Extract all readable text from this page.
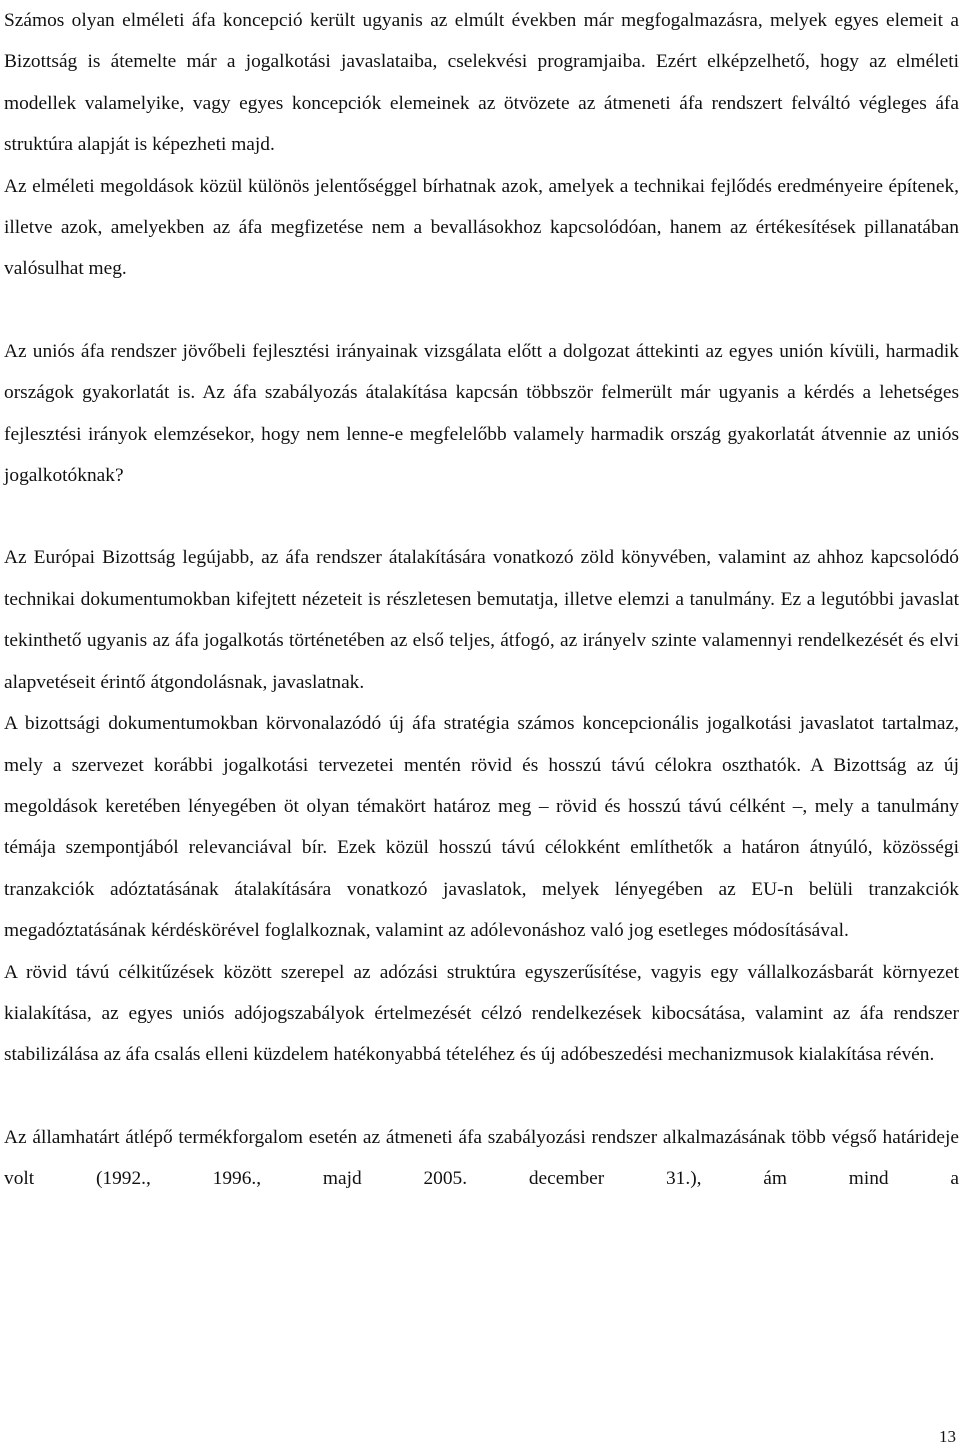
Számos olyan elméleti áfa koncepció került ugyanis az elmúlt években már megfogalmazásra, melyek egyes elemeit a Bizottság is átemelte már a jogalkotási javaslataiba, cselekvési programjaiba. Ezért elképzelhető, hogy az elméleti modellek valamelyike, vagy egyes koncepciók elemeinek az ötvözete az átmeneti áfa rendszert felváltó végleges áfa struktúra alapját is képezheti majd.

Az elméleti megoldások közül különös jelentőséggel bírhatnak azok, amelyek a technikai fejlődés eredményeire építenek, illetve azok, amelyekben az áfa megfizetése nem a bevallásokhoz kapcsolódóan, hanem az értékesítések pillanatában valósulhat meg.

Az uniós áfa rendszer jövőbeli fejlesztési irányainak vizsgálata előtt a dolgozat áttekinti az egyes unión kívüli, harmadik országok gyakorlatát is. Az áfa szabályozás átalakítása kapcsán többször felmerült már ugyanis a kérdés a lehetséges fejlesztési irányok elemzésekor, hogy nem lenne-e megfelelőbb valamely harmadik ország gyakorlatát átvennie az uniós jogalkotóknak?

Az Európai Bizottság legújabb, az áfa rendszer átalakítására vonatkozó zöld könyvében, valamint az ahhoz kapcsolódó technikai dokumentumokban kifejtett nézeteit is részletesen bemutatja, illetve elemzi a tanulmány. Ez a legutóbbi javaslat tekinthető ugyanis az áfa jogalkotás történetében az első teljes, átfogó, az irányelv szinte valamennyi rendelkezését és elvi alapvetéseit érintő átgondolásnak, javaslatnak.

A bizottsági dokumentumokban körvonalazódó új áfa stratégia számos koncepcionális jogalkotási javaslatot tartalmaz, mely a szervezet korábbi jogalkotási tervezetei mentén rövid és hosszú távú célokra oszthatók. A Bizottság az új megoldások keretében lényegében öt olyan témakört határoz meg – rövid és hosszú távú célként –, mely a tanulmány témája szempontjából relevanciával bír. Ezek közül hosszú távú célokként említhetők a határon átnyúló, közösségi tranzakciók adóztatásának átalakítására vonatkozó javaslatok, melyek lényegében az EU-n belüli tranzakciók megadóztatásának kérdéskörével foglalkoznak, valamint az adólevonáshoz való jog esetleges módosításával.

A rövid távú célkitűzések között szerepel az adózási struktúra egyszerűsítése, vagyis egy vállalkozásbarát környezet kialakítása, az egyes uniós adójogszabályok értelmezését célzó rendelkezések kibocsátása, valamint az áfa rendszer stabilizálása az áfa csalás elleni küzdelem hatékonyabbá tételéhez és új adóbeszedési mechanizmusok kialakítása révén.

Az államhatárt átlépő termékforgalom esetén az átmeneti áfa szabályozási rendszer alkalmazásának több végső határideje volt (1992., 1996., majd 2005. december 31.), ám mind a

13
